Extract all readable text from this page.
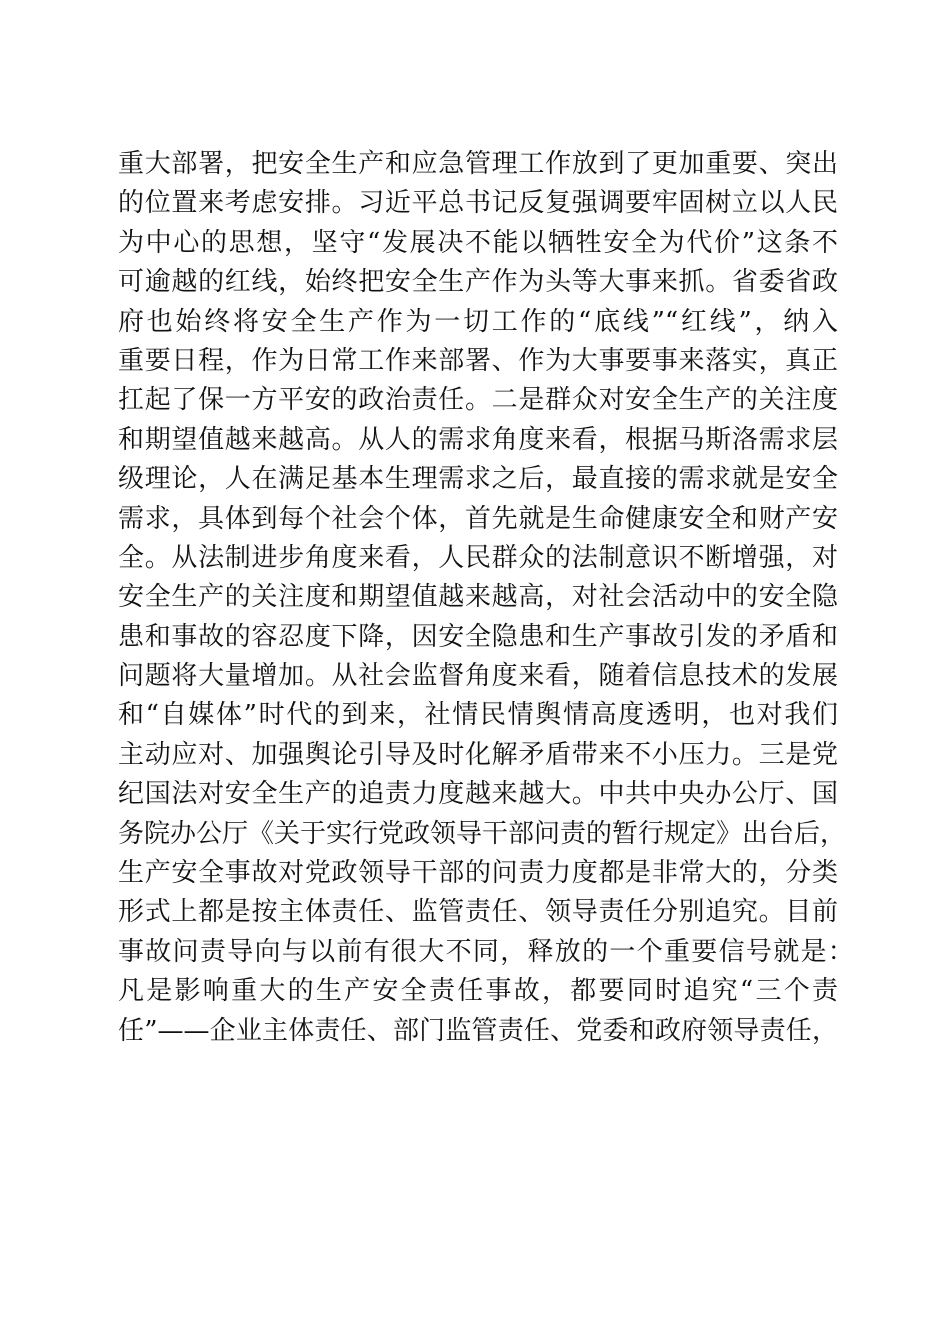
重大部署，把安全生产和应急管理工作放到了更加重要、突出
的位置来考虑安排。习近平总书记反复强调要牢固树立以人民
为中心的思想，坚守“发展决不能以牺牲安全为代价”这条不
可逾越的红线，始终把安全生产作为头等大事来抓。省委省政
府也始终将安全生产作为一切工作的“底线”“红线”，纳入
重要日程，作为日常工作来部署、作为大事要事来落实，真正
扛起了保一方平安的政治责任。二是群众对安全生产的关注度
和期望值越来越高。从人的需求角度来看，根据马斯洛需求层
级理论，人在满足基本生理需求之后，最直接的需求就是安全
需求，具体到每个社会个体，首先就是生命健康安全和财产安
全。从法制进步角度来看，人民群众的法制意识不断增强，对
安全生产的关注度和期望值越来越高，对社会活动中的安全隐
患和事故的容忍度下降，因安全隐患和生产事故引发的矛盾和
问题将大量增加。从社会监督角度来看，随着信息技术的发展
和“自媒体”时代的到来，社情民情舆情高度透明，也对我们
主动应对、加强舆论引导及时化解矛盾带来不小压力。三是党
纪国法对安全生产的追责力度越来越大。中共中央办公厅、国
务院办公厅《关于实行党政领导干部问责的暂行规定》出台后，
生产安全事故对党政领导干部的问责力度都是非常大的，分类
形式上都是按主体责任、监管责任、领导责任分别追究。目前
事故问责导向与以前有很大不同，释放的一个重要信号就是：
凡是影响重大的生产安全责任事故，都要同时追究“三个责
任”——企业主体责任、部门监管责任、党委和政府领导责任，
